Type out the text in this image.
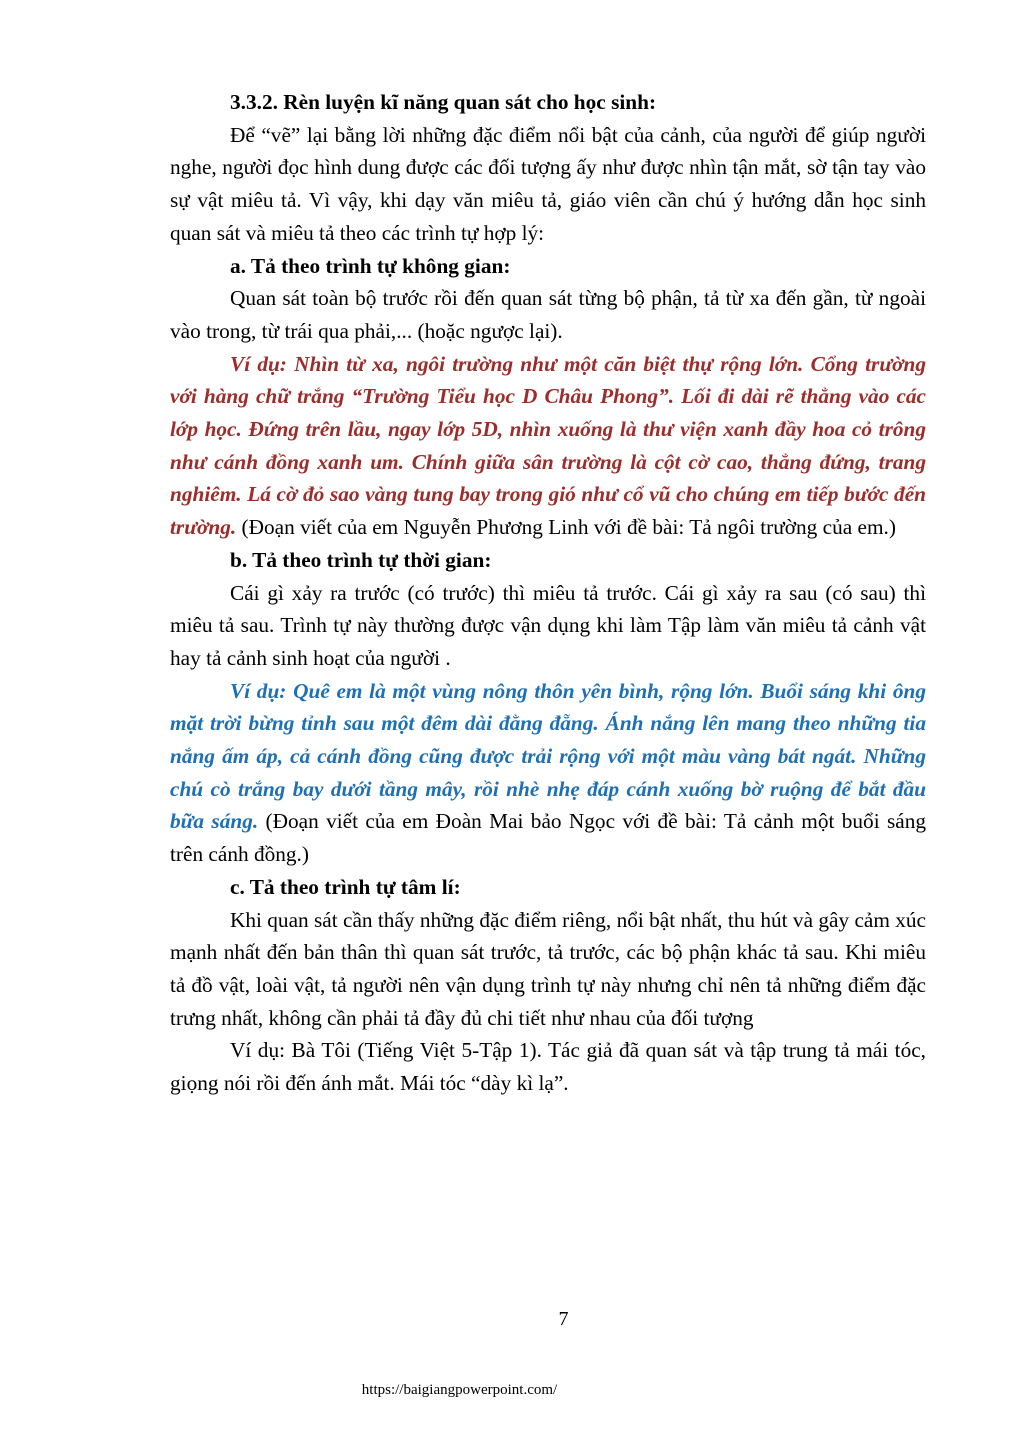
3.3.2. Rèn luyện kĩ năng quan sát cho học sinh:

Để “vẽ” lại bằng lời những đặc điểm nổi bật của cảnh, của người để giúp người nghe, người đọc hình dung được các đối tượng ấy như được nhìn tận mắt, sờ tận tay vào sự vật miêu tả. Vì vậy, khi dạy văn miêu tả, giáo viên cần chú ý hướng dẫn học sinh quan sát và miêu tả theo các trình tự hợp lý:

a. Tả theo trình tự không gian:

Quan sát toàn bộ trước rồi đến quan sát từng bộ phận, tả từ xa đến gần, từ ngoài vào trong, từ trái qua phải,... (hoặc ngược lại).

Ví dụ: Nhìn từ xa, ngôi trường như một căn biệt thự rộng lớn. Cổng trường với hàng chữ trắng “Trường Tiểu học D Châu Phong”. Lối đi dài rẽ thẳng vào các lớp học. Đứng trên lầu, ngay lớp 5D, nhìn xuống là thư viện xanh đầy hoa cỏ trông như cánh đồng xanh um. Chính giữa sân trường là cột cờ cao, thẳng đứng, trang nghiêm. Lá cờ đỏ sao vàng tung bay trong gió như cổ vũ cho chúng em tiếp bước đến trường. (Đoạn viết của em Nguyễn Phương Linh với đề bài: Tả ngôi trường của em.)

b. Tả theo trình tự thời gian:

Cái gì xảy ra trước (có trước) thì miêu tả trước. Cái gì xảy ra sau (có sau) thì miêu tả sau. Trình tự này thường được vận dụng khi làm Tập làm văn miêu tả cảnh vật hay tả cảnh sinh hoạt của người .

Ví dụ: Quê em là một vùng nông thôn yên bình, rộng lớn. Buổi sáng khi ông mặt trời bừng tỉnh sau một đêm dài đằng đẵng. Ánh nắng lên mang theo những tia nắng ấm áp, cả cánh đồng cũng được trải rộng với một màu vàng bát ngát. Những chú cò trắng bay dưới tầng mây, rồi nhè nhẹ đáp cánh xuống bờ ruộng để bắt đầu bữa sáng. (Đoạn viết của em Đoàn Mai bảo Ngọc với đề bài: Tả cảnh một buổi sáng trên cánh đồng.)

c. Tả theo trình tự tâm lí:

Khi quan sát cần thấy những đặc điểm riêng, nổi bật nhất, thu hút và gây cảm xúc mạnh nhất đến bản thân thì quan sát trước, tả trước, các bộ phận khác tả sau. Khi miêu tả đồ vật, loài vật, tả người nên vận dụng trình tự này nhưng chỉ nên tả những điểm đặc trưng nhất, không cần phải tả đầy đủ chi tiết như nhau của đối tượng

Ví dụ: Bà Tôi (Tiếng Việt 5-Tập 1). Tác giả đã quan sát và tập trung tả mái tóc, giọng nói rồi đến ánh mắt. Mái tóc “dày kì lạ”.

7
https://baigiangpowerpoint.com/
